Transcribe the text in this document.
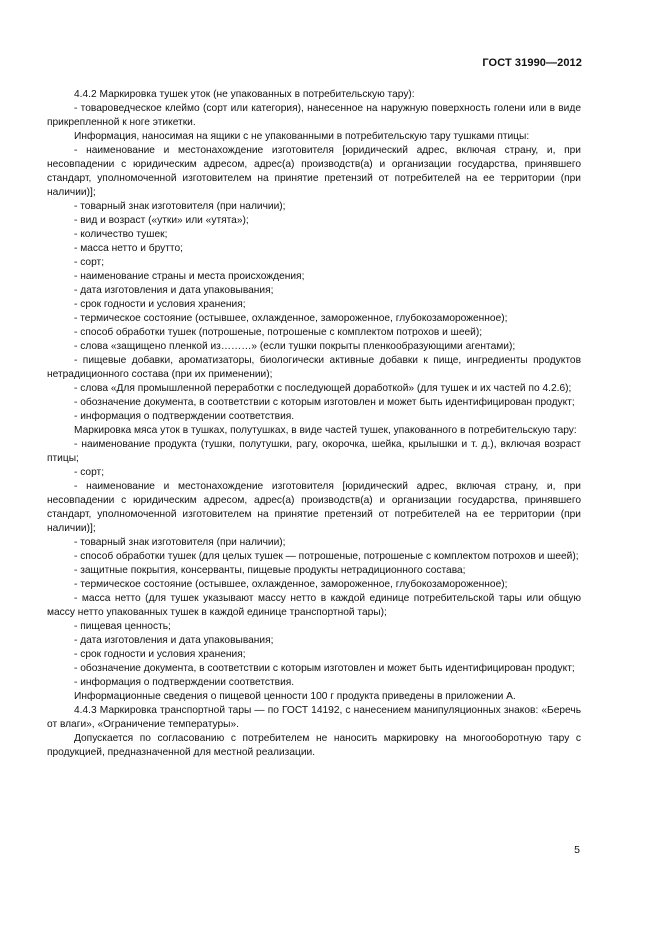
ГОСТ 31990—2012

4.4.2 Маркировка тушек уток (не упакованных в потребительскую тару):

- товароведческое клеймо (сорт или категория), нанесенное на наружную поверхность голени или в виде прикрепленной к ноге этикетки.

Информация, наносимая на ящики с не упакованными в потребительскую тару тушками птицы:

- наименование и местонахождение изготовителя [юридический адрес, включая страну, и, при несовпадении с юридическим адресом, адрес(а) производств(а) и организации государства, принявшего стандарт, уполномоченной изготовителем на принятие претензий от потребителей на ее территории (при наличии)];

- товарный знак изготовителя (при наличии);

- вид и возраст («утки» или «утята»);

- количество тушек;

- масса нетто и брутто;

- сорт;

- наименование страны и места происхождения;

- дата изготовления и дата упаковывания;

- срок годности и условия хранения;

- термическое состояние (остывшее, охлажденное, замороженное, глубокозамороженное);

- способ обработки тушек (потрошеные, потрошеные с комплектом потрохов и шеей);

- слова «защищено пленкой из………» (если тушки покрыты пленкообразующими агентами);

- пищевые добавки, ароматизаторы, биологически активные добавки к пище, ингредиенты продуктов нетрадиционного состава (при их применении);

- слова «Для промышленной переработки с последующей доработкой» (для тушек и их частей по 4.2.6);

- обозначение документа, в соответствии с которым изготовлен и может быть идентифицирован продукт;

- информация о подтверждении соответствия.

Маркировка мяса уток в тушках, полутушках, в виде частей тушек, упакованного в потребительскую тару:

- наименование продукта (тушки, полутушки, рагу, окорочка, шейка, крылышки и т. д.), включая возраст птицы;

- сорт;

- наименование и местонахождение изготовителя [юридический адрес, включая страну, и, при несовпадении с юридическим адресом, адрес(а) производств(а) и организации государства, принявшего стандарт, уполномоченной изготовителем на принятие претензий от потребителей на ее территории (при наличии)];

- товарный знак изготовителя (при наличии);

- способ обработки тушек (для целых тушек — потрошеные, потрошеные с комплектом потрохов и шеей);

- защитные покрытия, консерванты, пищевые продукты нетрадиционного состава;

- термическое состояние (остывшее, охлажденное, замороженное, глубокозамороженное);

- масса нетто (для тушек указывают массу нетто в каждой единице потребительской тары или общую массу нетто упакованных тушек в каждой единице транспортной тары);

- пищевая ценность;

- дата изготовления и дата упаковывания;

- срок годности и условия хранения;

- обозначение документа, в соответствии с которым изготовлен и может быть идентифицирован продукт;

- информация о подтверждении соответствия.

Информационные сведения о пищевой ценности 100 г продукта приведены в приложении А.

4.4.3 Маркировка транспортной тары — по ГОСТ 14192, с нанесением манипуляционных знаков: «Беречь от влаги», «Ограничение температуры».

Допускается по согласованию с потребителем не наносить маркировку на многооборотную тару с продукцией, предназначенной для местной реализации.

5
